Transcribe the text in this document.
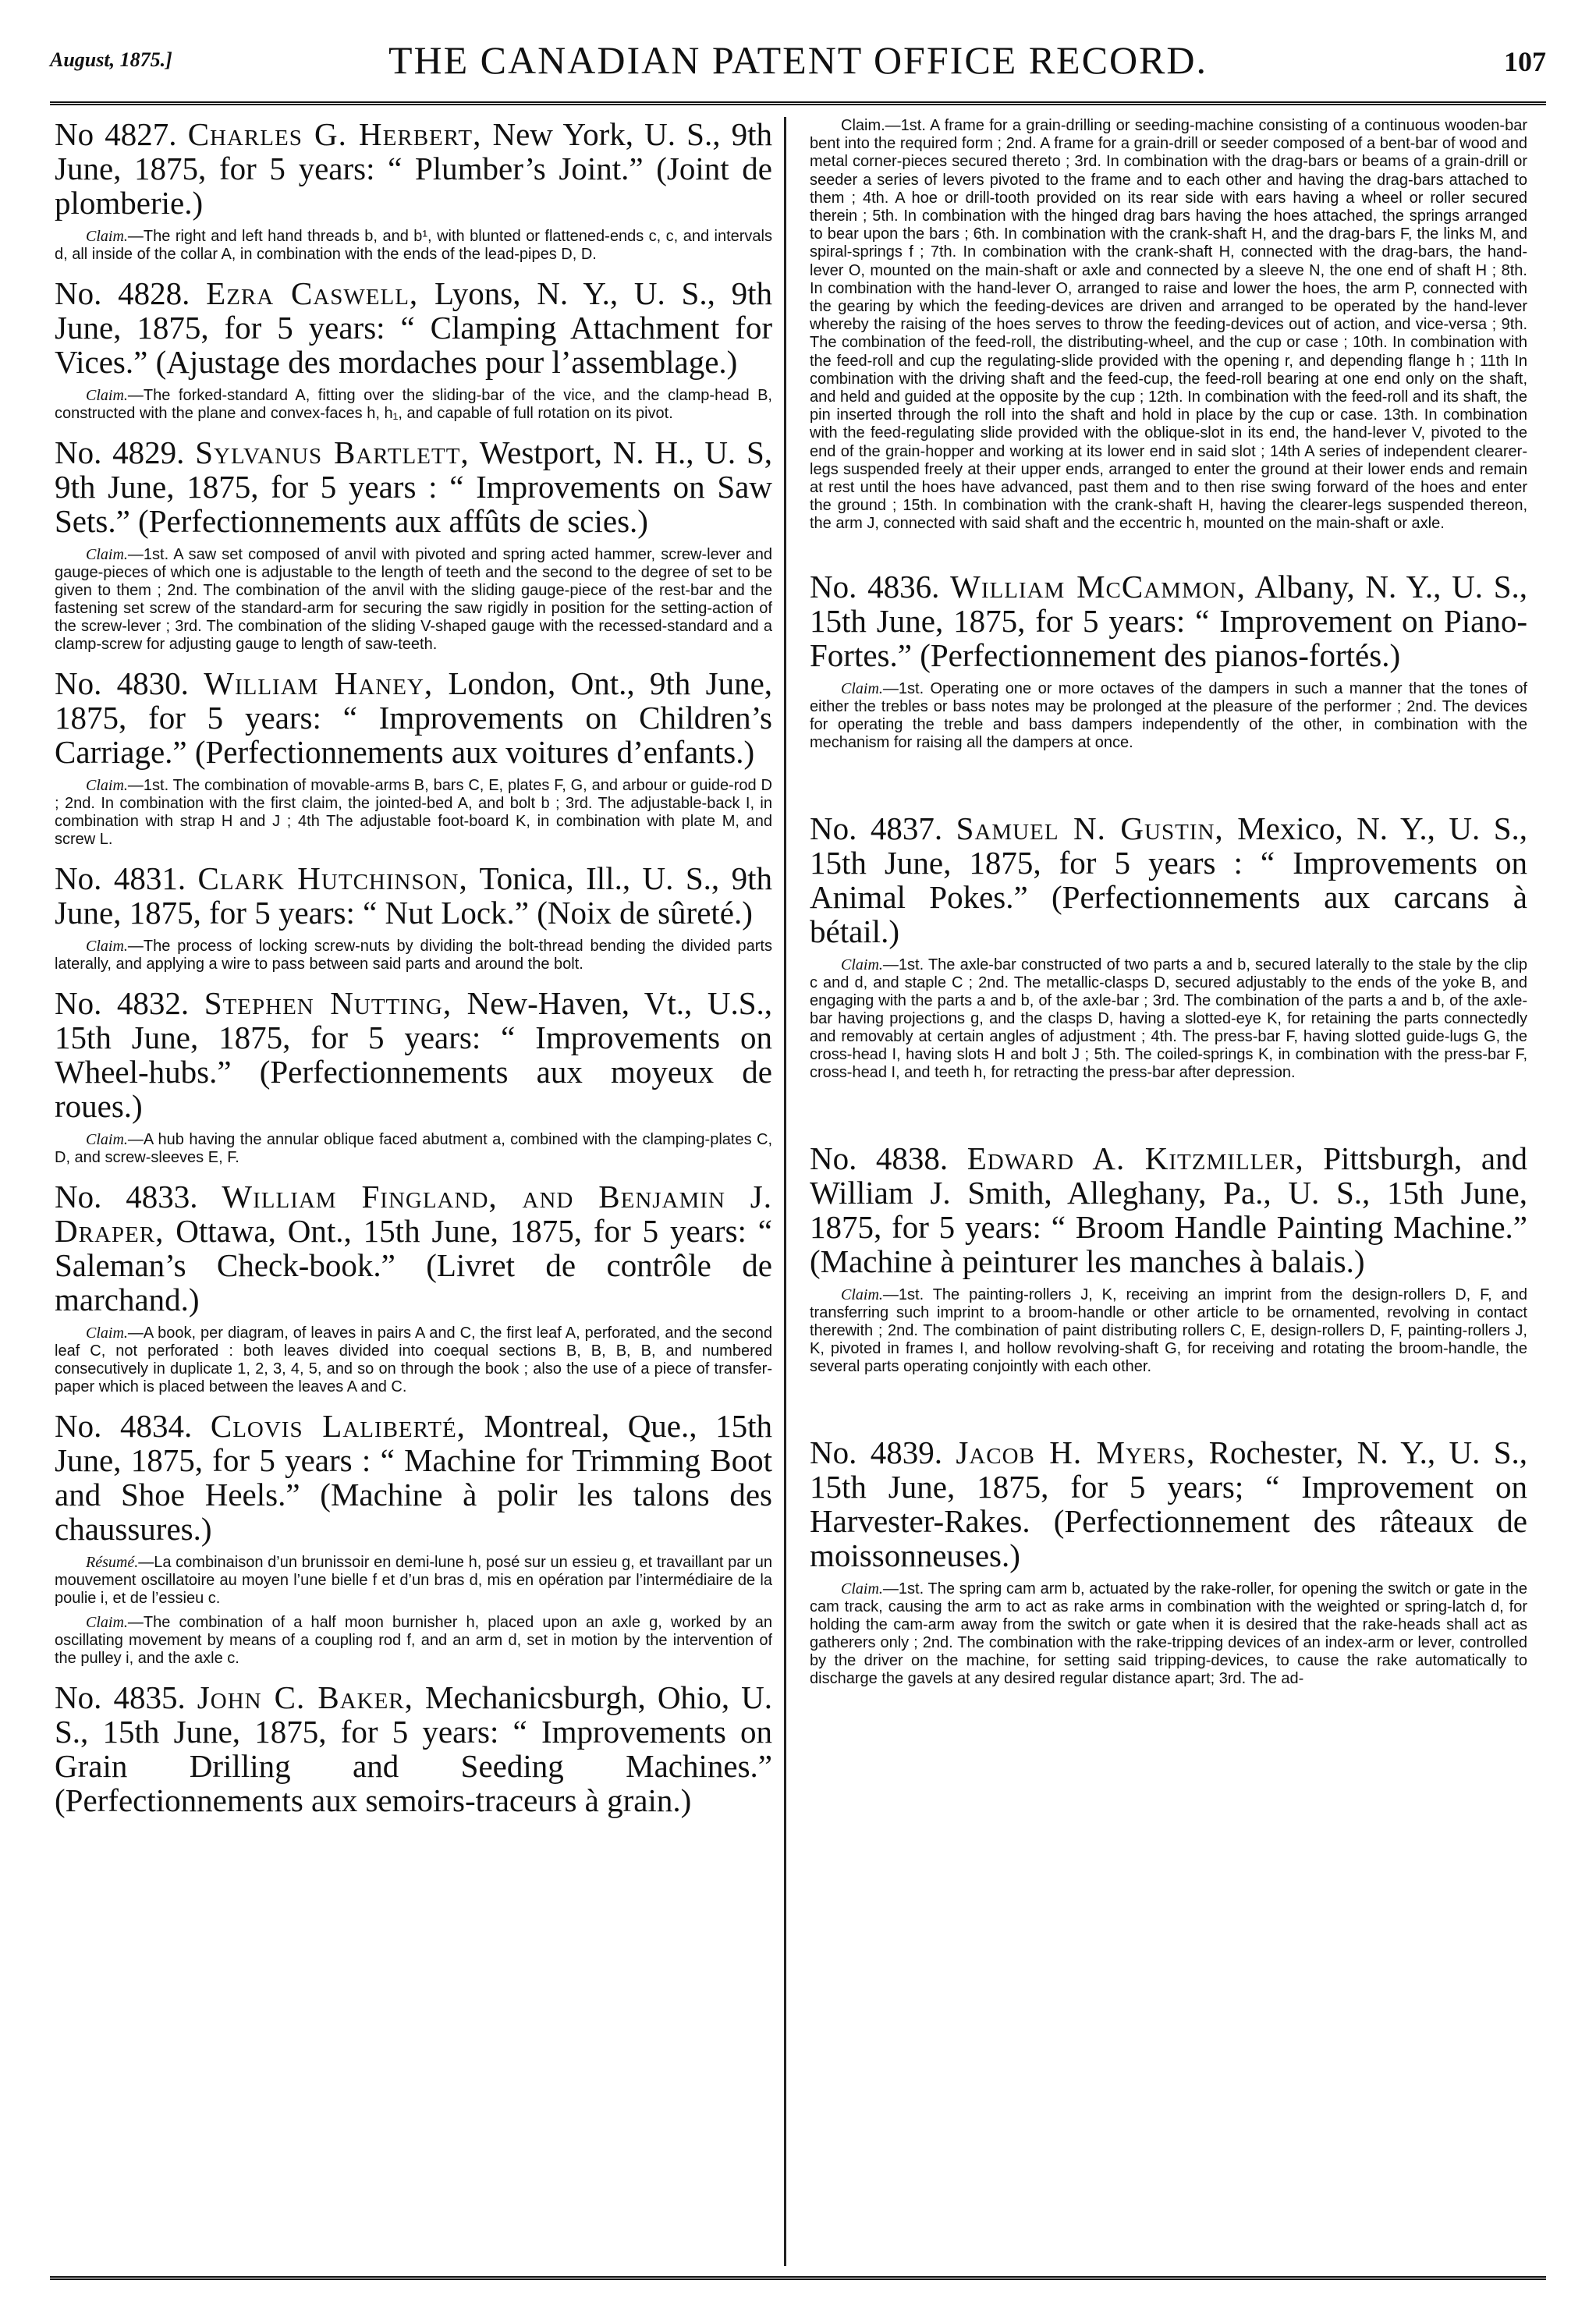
August, 1875.]	THE CANADIAN PATENT OFFICE RECORD.	107

No 4827. Charles G. Herbert, New York, U. S., 9th June, 1875, for 5 years: “ Plumber’s Joint.” (Joint de plomberie.)

Claim.—The right and left hand threads b, and b¹, with blunted or flattened-ends c, c, and intervals d, all inside of the collar A, in combination with the ends of the lead-pipes D, D.

No. 4828. Ezra Caswell, Lyons, N. Y., U. S., 9th June, 1875, for 5 years: “ Clamping Attachment for Vices.” (Ajustage des mordaches pour l’assemblage.)

Claim.—The forked-standard A, fitting over the sliding-bar of the vice, and the clamp-head B, constructed with the plane and convex-faces h, h₁, and capable of full rotation on its pivot.

No. 4829. Sylvanus Bartlett, Westport, N. H., U. S, 9th June, 1875, for 5 years : “ Improvements on Saw Sets.” (Perfectionnements aux affûts de scies.)

Claim.—1st. A saw set composed of anvil with pivoted and spring acted hammer, screw-lever and gauge-pieces of which one is adjustable to the length of teeth and the second to the degree of set to be given to them ; 2nd. The combination of the anvil with the sliding gauge-piece of the rest-bar and the fastening set screw of the standard-arm for securing the saw rigidly in position for the setting-action of the screw-lever ; 3rd. The combination of the sliding V-shaped gauge with the recessed-standard and a clamp-screw for adjusting gauge to length of saw-teeth.

No. 4830. William Haney, London, Ont., 9th June, 1875, for 5 years: “ Improvements on Children’s Carriage.” (Perfectionnements aux voitures d’enfants.)

Claim.—1st. The combination of movable-arms B, bars C, E, plates F, G, and arbour or guide-rod D ; 2nd. In combination with the first claim, the jointed-bed A, and bolt b ; 3rd. The adjustable-back I, in combination with strap H and J ; 4th The adjustable foot-board K, in combination with plate M, and screw L.

No. 4831. Clark Hutchinson, Tonica, Ill., U. S., 9th June, 1875, for 5 years: “ Nut Lock.” (Noix de sûreté.)

Claim.—The process of locking screw-nuts by dividing the bolt-thread bending the divided parts laterally, and applying a wire to pass between said parts and around the bolt.

No. 4832. Stephen Nutting, New-Haven, Vt., U.S., 15th June, 1875, for 5 years: “ Improvements on Wheel-hubs.” (Perfectionnements aux moyeux de roues.)

Claim.—A hub having the annular oblique faced abutment a, combined with the clamping-plates C, D, and screw-sleeves E, F.

No. 4833. William Fingland, and Benjamin J. Draper, Ottawa, Ont., 15th June, 1875, for 5 years: “ Saleman’s Check-book.” (Livret de contrôle de marchand.)

Claim.—A book, per diagram, of leaves in pairs A and C, the first leaf A, perforated, and the second leaf C, not perforated : both leaves divided into coequal sections B, B, B, B, and numbered consecutively in duplicate 1, 2, 3, 4, 5, and so on through the book ; also the use of a piece of transfer-paper which is placed between the leaves A and C.

No. 4834. Clovis Laliberté, Montreal, Que., 15th June, 1875, for 5 years : “ Machine for Trimming Boot and Shoe Heels.” (Machine à polir les talons des chaussures.)

Résumé.—La combinaison d’un brunissoir en demi-lune h, posé sur un essieu g, et travaillant par un mouvement oscillatoire au moyen l’une bielle f et d’un bras d, mis en opération par l’intermédiaire de la poulie i, et de l’essieu c.

Claim.—The combination of a half moon burnisher h, placed upon an axle g, worked by an oscillating movement by means of a coupling rod f, and an arm d, set in motion by the intervention of the pulley i, and the axle c.

No. 4835. John C. Baker, Mechanicsburgh, Ohio, U. S., 15th June, 1875, for 5 years: “ Improvements on Grain Drilling and Seeding Machines.” (Perfectionnements aux semoirs-traceurs à grain.)

Claim.—1st. A frame for a grain-drilling or seeding-machine consisting of a continuous wooden-bar bent into the required form ; 2nd. A frame for a grain-drill or seeder composed of a bent-bar of wood and metal corner-pieces secured thereto ; 3rd. In combination with the drag-bars or beams of a grain-drill or seeder a series of levers pivoted to the frame and to each other and having the drag-bars attached to them ; 4th. A hoe or drill-tooth provided on its rear side with ears having a wheel or roller secured therein ; 5th. In combination with the hinged drag bars having the hoes attached, the springs arranged to bear upon the bars ; 6th. In combination with the crank-shaft H, and the drag-bars F, the links M, and spiral-springs f ; 7th. In combination with the crank-shaft H, connected with the drag-bars, the hand-lever O, mounted on the main-shaft or axle and connected by a sleeve N, the one end of shaft H ; 8th. In combination with the hand-lever O, arranged to raise and lower the hoes, the arm P, connected with the gearing by which the feeding-devices are driven and arranged to be operated by the hand-lever whereby the raising of the hoes serves to throw the feeding-devices out of action, and vice-versa ; 9th. The combination of the feed-roll, the distributing-wheel, and the cup or case ; 10th. In combination with the feed-roll and cup the regulating-slide provided with the opening r, and depending flange h ; 11th In combination with the driving shaft and the feed-cup, the feed-roll bearing at one end only on the shaft, and held and guided at the opposite by the cup ; 12th. In combination with the feed-roll and its shaft, the pin inserted through the roll into the shaft and hold in place by the cup or case. 13th. In combination with the feed-regulating slide provided with the oblique-slot in its end, the hand-lever V, pivoted to the end of the grain-hopper and working at its lower end in said slot ; 14th A series of independent clearer-legs suspended freely at their upper ends, arranged to enter the ground at their lower ends and remain at rest until the hoes have advanced, past them and to then rise swing forward of the hoes and enter the ground ; 15th. In combination with the crank-shaft H, having the clearer-legs suspended thereon, the arm J, connected with said shaft and the eccentric h, mounted on the main-shaft or axle.

No. 4836. William McCammon, Albany, N. Y., U. S., 15th June, 1875, for 5 years: “ Improvement on Piano-Fortes.” (Perfectionnement des pianos-fortés.)

Claim.—1st. Operating one or more octaves of the dampers in such a manner that the tones of either the trebles or bass notes may be prolonged at the pleasure of the performer ; 2nd. The devices for operating the treble and bass dampers independently of the other, in combination with the mechanism for raising all the dampers at once.

No. 4837. Samuel N. Gustin, Mexico, N. Y., U. S., 15th June, 1875, for 5 years : “ Improvements on Animal Pokes.” (Perfectionnements aux carcans à bétail.)

Claim.—1st. The axle-bar constructed of two parts a and b, secured laterally to the stale by the clip c and d, and staple C ; 2nd. The metallic-clasps D, secured adjustably to the ends of the yoke B, and engaging with the parts a and b, of the axle-bar ; 3rd. The combination of the parts a and b, of the axle-bar having projections g, and the clasps D, having a slotted-eye K, for retaining the parts connectedly and removably at certain angles of adjustment ; 4th. The press-bar F, having slotted guide-lugs G, the cross-head I, having slots H and bolt J ; 5th. The coiled-springs K, in combination with the press-bar F, cross-head I, and teeth h, for retracting the press-bar after depression.

No. 4838. Edward A. Kitzmiller, Pittsburgh, and William J. Smith, Alleghany, Pa., U. S., 15th June, 1875, for 5 years: “ Broom Handle Painting Machine.” (Machine à peinturer les manches à balais.)

Claim.—1st. The painting-rollers J, K, receiving an imprint from the design-rollers D, F, and transferring such imprint to a broom-handle or other article to be ornamented, revolving in contact therewith ; 2nd. The combination of paint distributing rollers C, E, design-rollers D, F, painting-rollers J, K, pivoted in frames I, and hollow revolving-shaft G, for receiving and rotating the broom-handle, the several parts operating conjointly with each other.

No. 4839. Jacob H. Myers, Rochester, N. Y., U. S., 15th June, 1875, for 5 years; “ Improvement on Harvester-Rakes. (Perfectionnement des râteaux de moissonneuses.)

Claim.—1st. The spring cam arm b, actuated by the rake-roller, for opening the switch or gate in the cam track, causing the arm to act as rake arms in combination with the weighted or spring-latch d, for holding the cam-arm away from the switch or gate when it is desired that the rake-heads shall act as gatherers only ; 2nd. The combination with the rake-tripping devices of an index-arm or lever, controlled by the driver on the machine, for setting said tripping-devices, to cause the rake automatically to discharge the gavels at any desired regular distance apart; 3rd. The ad-
